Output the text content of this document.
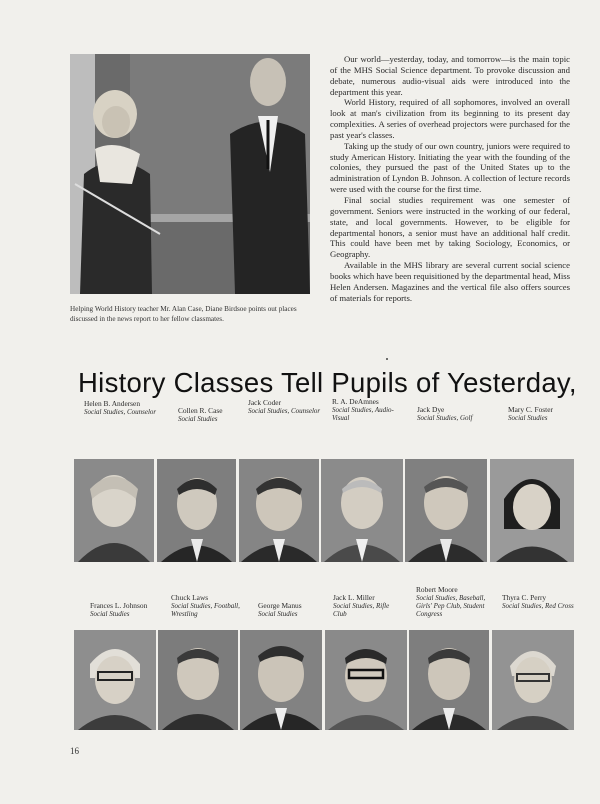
Helping World History teacher Mr. Alan Case, Diane Birdsoe points out places discussed in the news report to her fellow classmates.

Our world—yesterday, today, and tomorrow—is the main topic of the MHS Social Science department. To provoke discussion and debate, numerous audio-visual aids were introduced into the department this year.

World History, required of all sophomores, involved an overall look at man's civilization from its beginning to its present day complexities. A series of overhead projectors were purchased for the past year's classes.

Taking up the study of our own country, juniors were required to study American History. Initiating the year with the founding of the colonies, they pursued the past of the United States up to the administration of Lyndon B. Johnson. A collection of lecture records were used with the course for the first time.

Final social studies requirement was one semester of government. Seniors were instructed in the working of our federal, state, and local governments. However, to be eligible for departmental honors, a senior must have an additional half credit. This could have been met by taking Sociology, Economics, or Geography.

Available in the MHS library are several current social science books which have been requisitioned by the departmental head, Miss Helen Andersen. Magazines and the vertical file also offers sources of materials for reports.

History Classes Tell Pupils of Yesterday,
Helen B. Andersen
Social Studies, Counselor	Collen R. Case
Social Studies
Jack Coder
Social Studies, Counselor
R. A. DeAmnes
Social Studies, Audio-Visual
Jack Dye
Social Studies, Golf
Mary C. Foster
Social Studies
Frances L. Johnson
Social Studies
Chuck Laws
Social Studies, Football, Wrestling
George Manus
Social Studies
Jack L. Miller
Social Studies, Rifle Club
Robert Moore
Social Studies, Baseball, Girls' Pep Club, Student Congress
Thyra C. Perry
Social Studies, Red Cross
16
